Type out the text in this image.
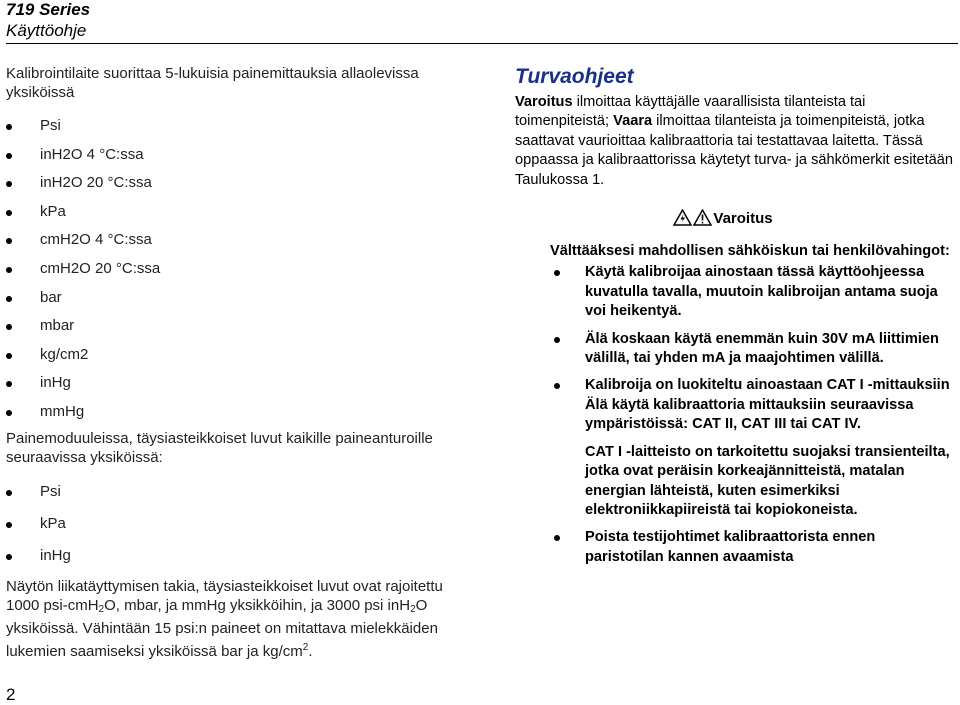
719 Series
Käyttöohje

Kalibrointilaite suorittaa 5-lukuisia painemittauksia allaolevissa yksiköissä

Psi
inH2O 4 °C:ssa
inH2O 20 °C:ssa
kPa
cmH2O 4 °C:ssa
cmH2O 20 °C:ssa
bar
mbar
kg/cm2
inHg
mmHg

Painemoduuleissa, täysiasteikkoiset luvut kaikille paineanturoille seuraavissa yksiköissä:

Psi
kPa
inHg

Näytön liikatäyttymisen takia, täysiasteikkoiset luvut ovat rajoitettu 1000 psi-cmH$_2$O, mbar, ja mmHg yksikköihin, ja 3000 psi inH$_2$O yksiköissä. Vähintään 15 psi:n paineet on mitattava mielekkäiden lukemien saamiseksi yksiköissä bar ja $kg/cm^2$.

2
Turvaohjeet
Varoitus ilmoittaa käyttäjälle vaarallisista tilanteista tai toimenpiteistä; Vaara ilmoittaa tilanteista ja toimenpiteistä, jotka saattavat vaurioittaa kalibraattoria tai testattavaa laitetta. Tässä oppaassa ja kalibraattorissa käytetyt turva- ja sähkömerkit esitetään Taulukossa 1.
Varoitus
Välttääksesi mahdollisen sähköiskun tai henkilövahingot:
Käytä kalibroijaa ainostaan tässä käyttöohjeessa kuvatulla tavalla, muutoin kalibroijan antama suoja voi heikentyä.
Älä koskaan käytä enemmän kuin 30V mA liittimien välillä, tai yhden mA ja maajohtimen välillä.
Kalibroija on luokiteltu ainoastaan CAT I -mittauksiin Älä käytä kalibraattoria mittauksiin seuraavissa ympäristöissä: CAT II, CAT III tai CAT IV.
CAT I -laitteisto on tarkoitettu suojaksi transienteilta, jotka ovat peräisin korkeajännitteistä, matalan energian lähteistä, kuten esimerkiksi elektroniikkapiireistä tai kopiokoneista.
Poista testijohtimet kalibraattorista ennen paristotilan kannen avaamista
